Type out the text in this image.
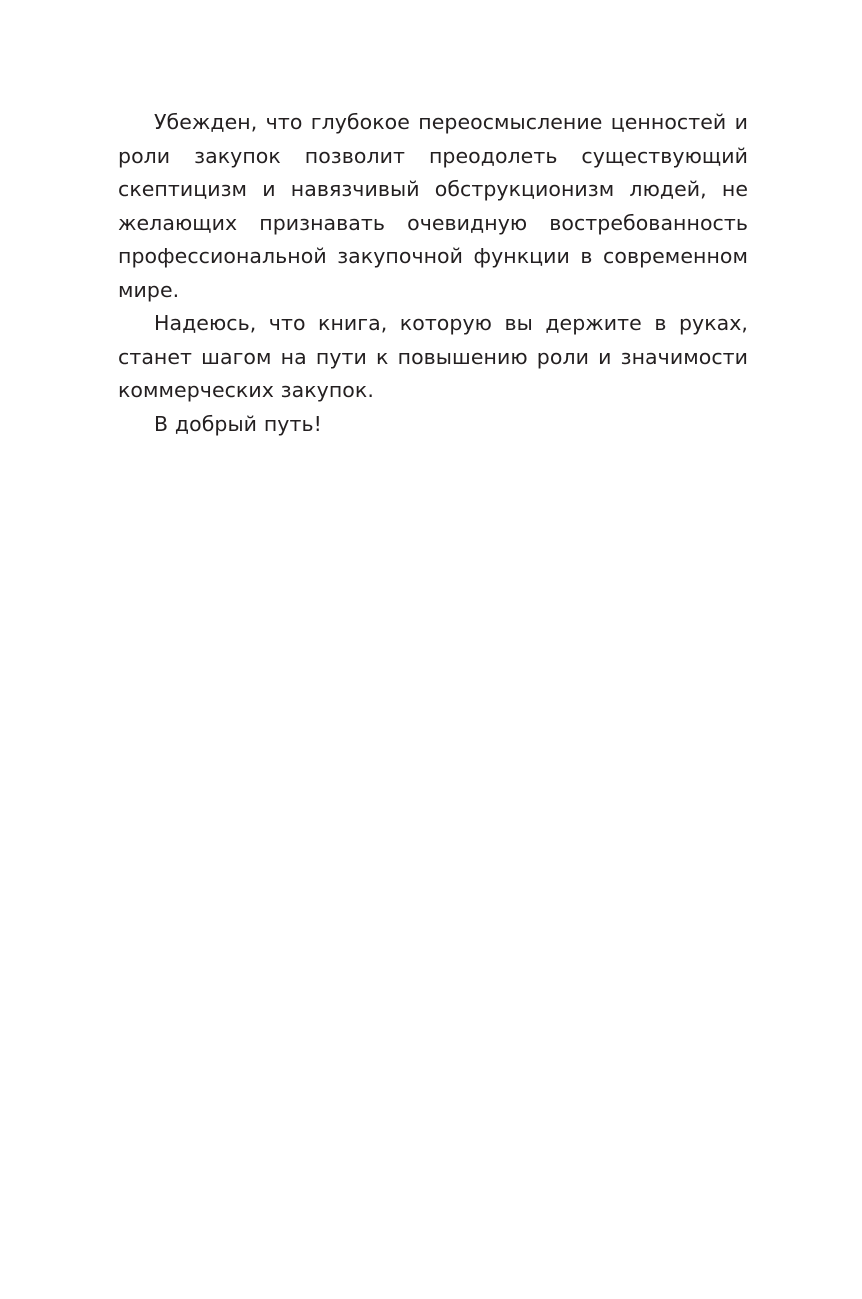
Убежден, что глубокое переосмысление ценностей и роли закупок позволит преодолеть существующий скептицизм и навязчивый обструкционизм людей, не желающих признавать очевидную востребованность профессиональной закупочной функции в современном мире.

Надеюсь, что книга, которую вы держите в руках, станет шагом на пути к повышению роли и значимости коммерческих закупок.

В добрый путь!
